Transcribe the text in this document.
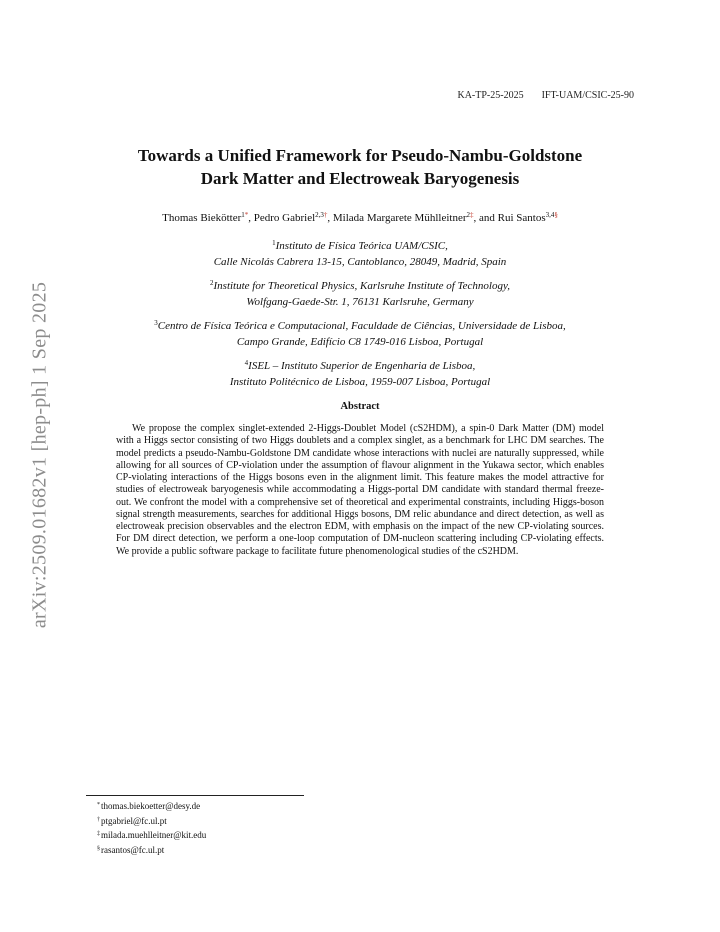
arXiv:2509.01682v1 [hep-ph] 1 Sep 2025
KA-TP-25-2025 IFT-UAM/CSIC-25-90
Towards a Unified Framework for Pseudo-Nambu-Goldstone
Dark Matter and Electroweak Baryogenesis
Thomas Biekötter$^{1*}$, Pedro Gabriel$^{2,3\dagger}$, Milada Margarete Mühlleitner$^{2\ddagger}$, and Rui Santos$^{3,4\S}$
$^1$Instituto de Física Teórica UAM/CSIC,
Calle Nicolás Cabrera 13-15, Cantoblanco, 28049, Madrid, Spain
$^2$Institute for Theoretical Physics, Karlsruhe Institute of Technology,
Wolfgang-Gaede-Str. 1, 76131 Karlsruhe, Germany
$^3$Centro de Física Teórica e Computacional, Faculdade de Ciências, Universidade de Lisboa,
Campo Grande, Edifício C8 1749-016 Lisboa, Portugal
$^4$ISEL – Instituto Superior de Engenharia de Lisboa,
Instituto Politécnico de Lisboa, 1959-007 Lisboa, Portugal
Abstract
We propose the complex singlet-extended 2-Higgs-Doublet Model (cS2HDM), a spin-0 Dark Matter (DM) model with a Higgs sector consisting of two Higgs doublets and a complex singlet, as a benchmark for LHC DM searches. The model predicts a pseudo-Nambu-Goldstone DM candidate whose interactions with nuclei are naturally suppressed, while allowing for all sources of CP-violation under the assumption of flavour alignment in the Yukawa sector, which enables CP-violating interactions of the Higgs bosons even in the alignment limit. This feature makes the model attractive for studies of electroweak baryogenesis while accommodating a Higgs-portal DM candidate with standard thermal freeze-out. We confront the model with a comprehensive set of theoretical and experimental constraints, including Higgs-boson signal strength measurements, searches for additional Higgs bosons, DM relic abundance and direct detection, as well as electroweak precision observables and the electron EDM, with emphasis on the impact of the new CP-violating sources. For DM direct detection, we perform a one-loop computation of DM-nucleon scattering including CP-violating effects. We provide a public software package to facilitate future phenomenological studies of the cS2HDM.
*thomas.biekoetter@desy.de
†ptgabriel@fc.ul.pt
‡milada.muehlleitner@kit.edu
§rasantos@fc.ul.pt
